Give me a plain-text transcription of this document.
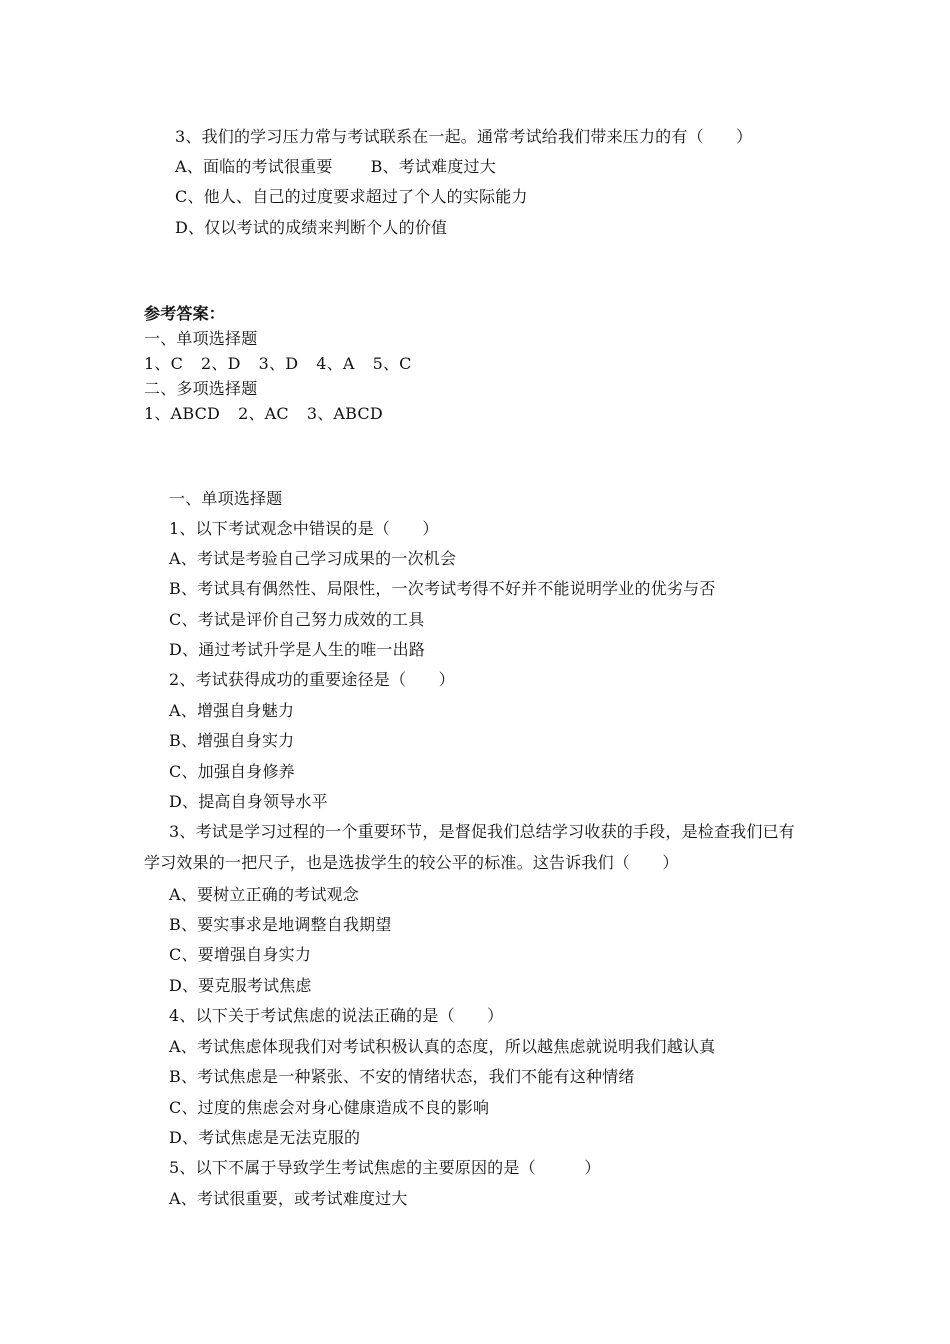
3、我们的学习压力常与考试联系在一起。通常考试给我们带来压力的有（　　）
A、面临的考试很重要 B、考试难度过大
C、他人、自己的过度要求超过了个人的实际能力
D、仅以考试的成绩来判断个人的价值
参考答案：
一、单项选择题
1、C 2、D 3、D 4、A 5、C
二、多项选择题
1、ABCD 2、AC 3、ABCD
一、单项选择题
1、以下考试观念中错误的是（　　）
A、考试是考验自己学习成果的一次机会
B、考试具有偶然性、局限性，一次考试考得不好并不能说明学业的优劣与否
C、考试是评价自己努力成效的工具
D、通过考试升学是人生的唯一出路
2、考试获得成功的重要途径是（　　）
A、增强自身魅力
B、增强自身实力
C、加强自身修养
D、提高自身领导水平
3、考试是学习过程的一个重要环节，是督促我们总结学习收获的手段，是检查我们已有
学习效果的一把尺子，也是选拔学生的较公平的标准。这告诉我们（　　）
A、要树立正确的考试观念
B、要实事求是地调整自我期望
C、要增强自身实力
D、要克服考试焦虑
4、以下关于考试焦虑的说法正确的是（　　）
A、考试焦虑体现我们对考试积极认真的态度，所以越焦虑就说明我们越认真
B、考试焦虑是一种紧张、不安的情绪状态，我们不能有这种情绪
C、过度的焦虑会对身心健康造成不良的影响
D、考试焦虑是无法克服的
5、以下不属于导致学生考试焦虑的主要原因的是（　　　）
A、考试很重要，或考试难度过大
